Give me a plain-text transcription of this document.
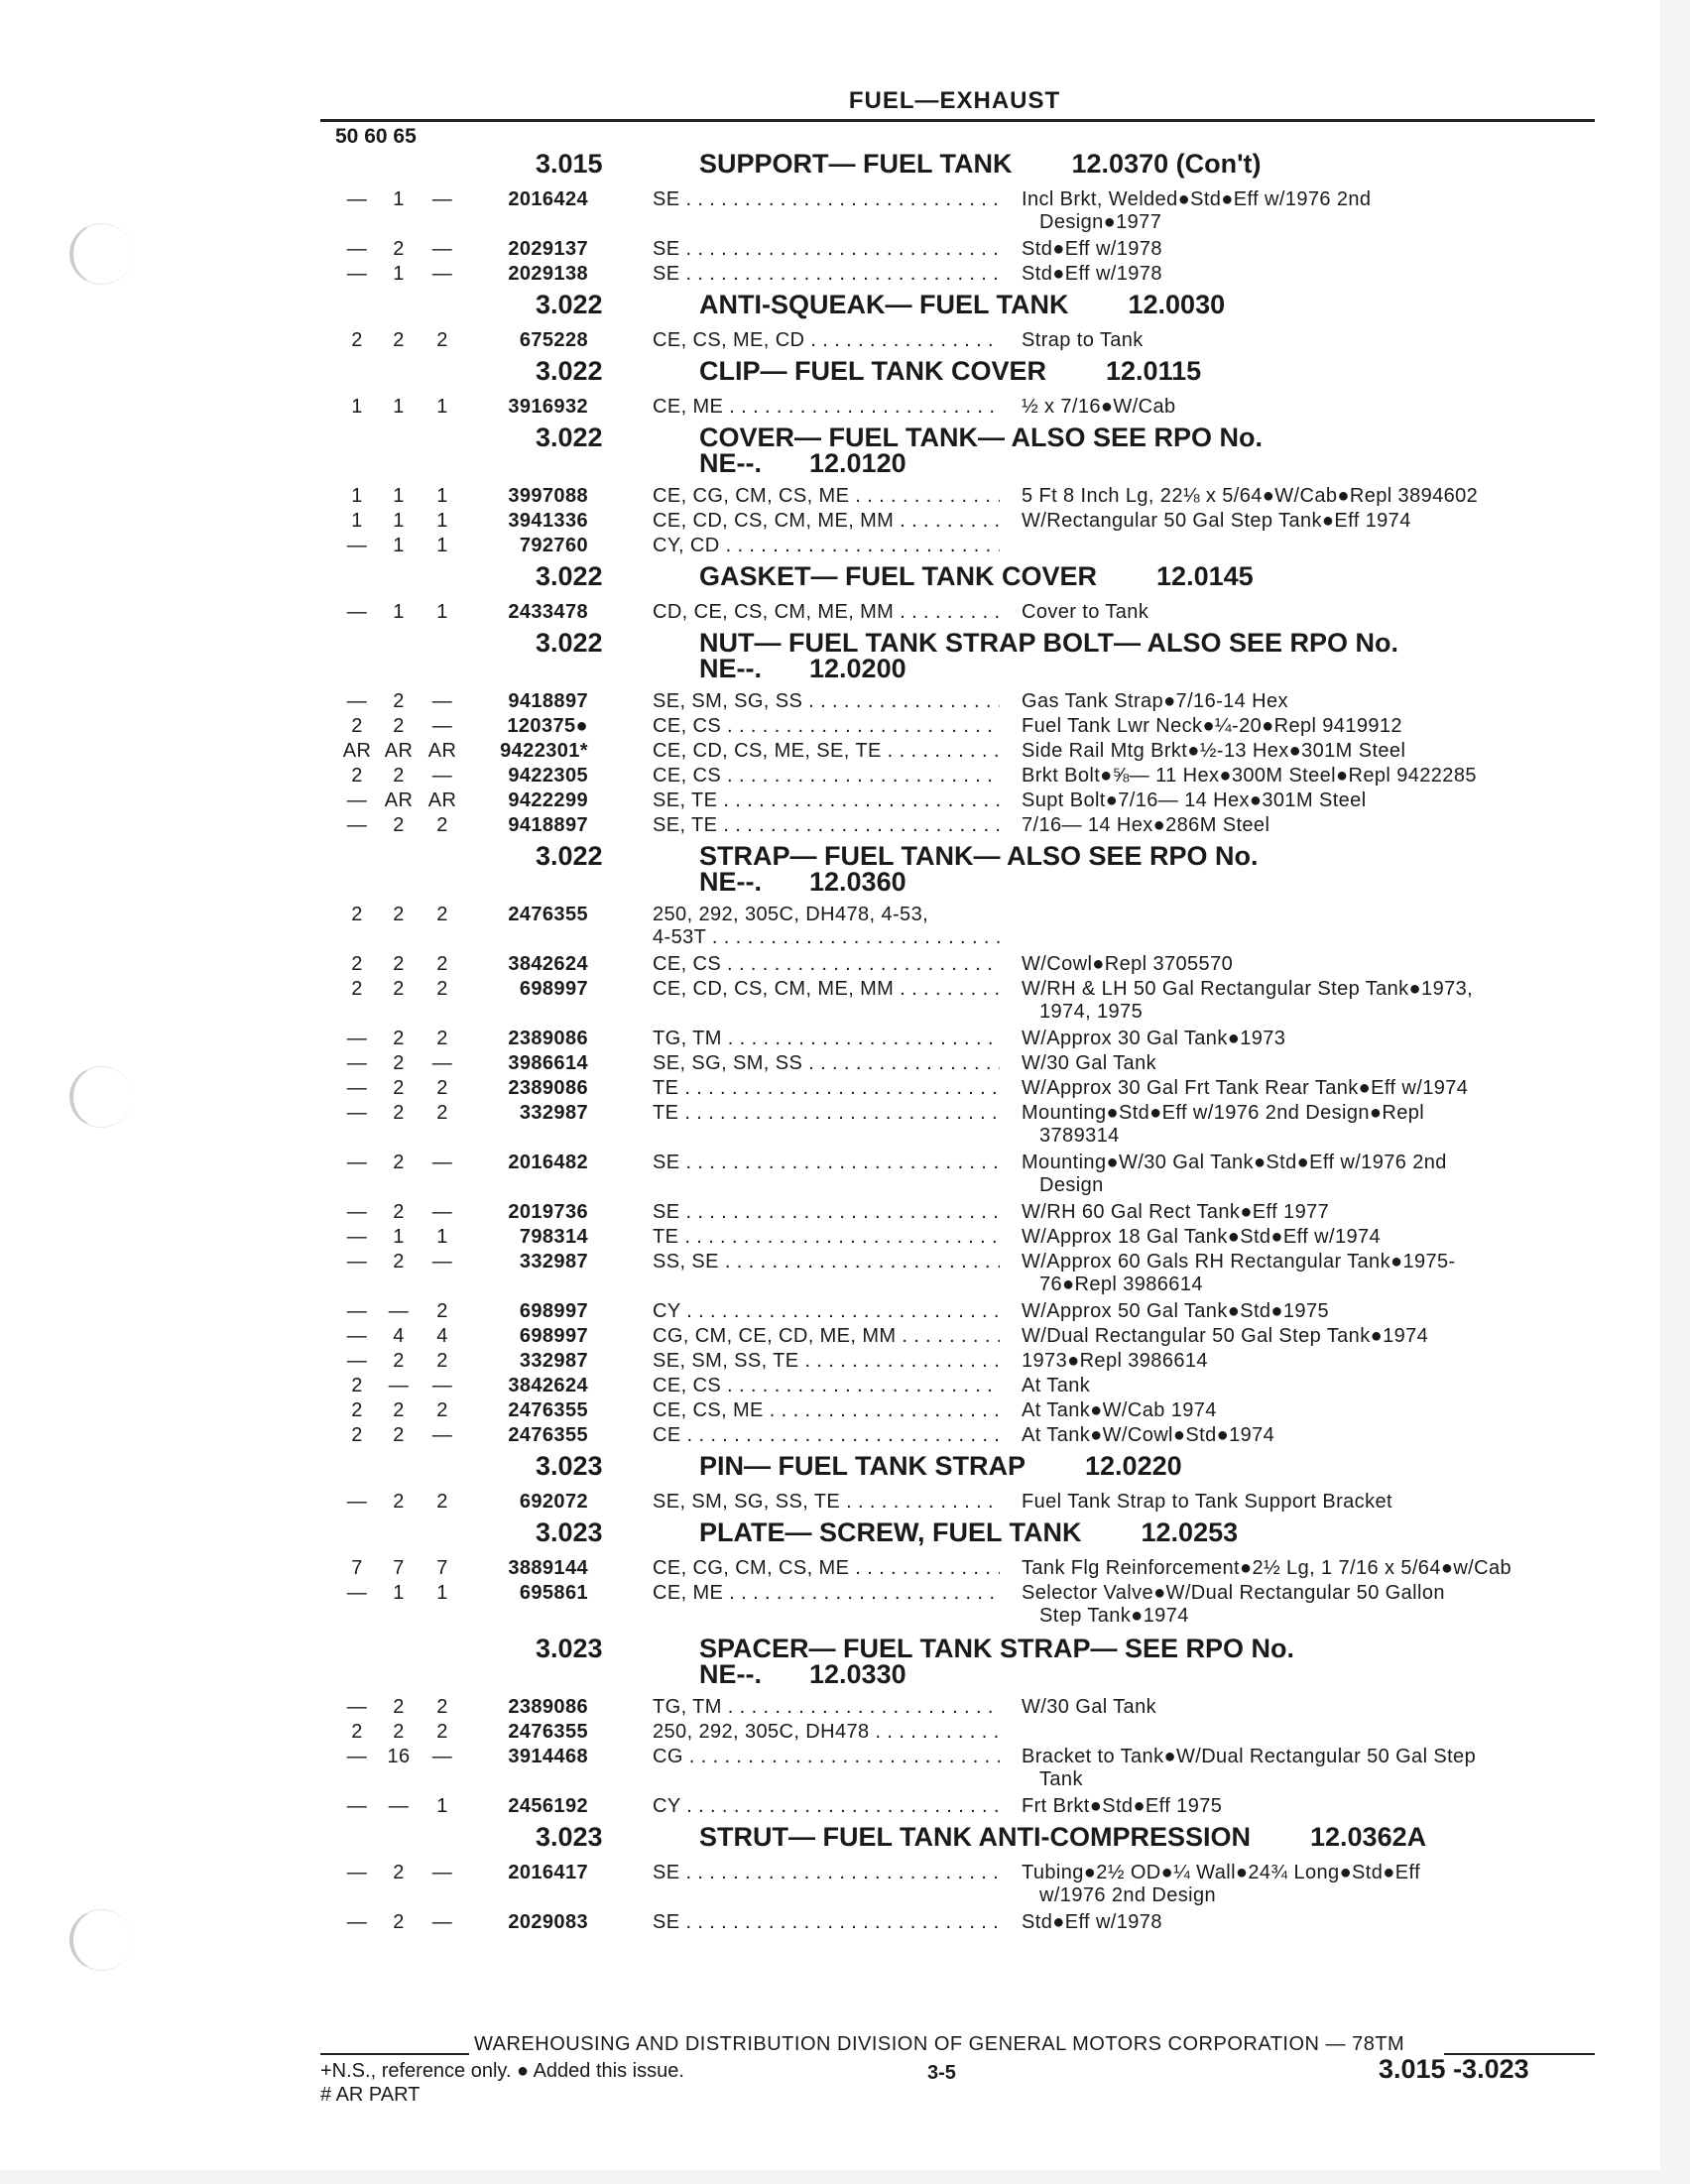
FUEL—EXHAUST
50 60 65
3.015	SUPPORT— FUEL TANK 12.0370 (Con't)
—	1	—	2016424	SE . . .	Incl Brkt, Welded●Std●Eff w/1976 2nd
Design●1977
—	2	—	2029137	SE . . .	Std●Eff w/1978
—	1	—	2029138	SE . . .	Std●Eff w/1978
3.022	ANTI-SQUEAK— FUEL TANK 12.0030
2	2	2	675228	CE, CS, ME, CD . . .	Strap to Tank
3.022	CLIP— FUEL TANK COVER 12.0115
1	1	1	3916932	CE, ME . . .	½ x 7/16●W/Cab
3.022	COVER— FUEL TANK— ALSO SEE RPO No.
NE--. 12.0120
1	1	1	3997088	CE, CG, CM, CS, ME . . .	5 Ft 8 Inch Lg, 22⅛ x 5/64●W/Cab●Repl 3894602
1	1	1	3941336	CE, CD, CS, CM, ME, MM . . .	W/Rectangular 50 Gal Step Tank●Eff 1974
—	1	1	792760	CY, CD . . .
3.022	GASKET— FUEL TANK COVER 12.0145
—	1	1	2433478	CD, CE, CS, CM, ME, MM . . .	Cover to Tank
3.022	NUT— FUEL TANK STRAP BOLT— ALSO SEE RPO No.
NE--. 12.0200
—	2	—	9418897	SE, SM, SG, SS . . .	Gas Tank Strap●7/16-14 Hex
2	2	—	120375●	CE, CS . . .	Fuel Tank Lwr Neck●¼-20●Repl 9419912
AR AR AR	9422301*	CE, CD, CS, ME, SE, TE . . .	Side Rail Mtg Brkt●½-13 Hex●301M Steel
2	2	—	9422305	CE, CS . . .	Brkt Bolt●⅝— 11 Hex●300M Steel●Repl 9422285
— AR AR	9422299	SE, TE . . .	Supt Bolt●7/16— 14 Hex●301M Steel
—	2	2	9418897	SE, TE . . .	7/16— 14 Hex●286M Steel
3.022	STRAP— FUEL TANK— ALSO SEE RPO No.
NE--. 12.0360
2	2	2	2476355	250, 292, 305C, DH478, 4-53,
4-53T . . .
2	2	2	3842624	CE, CS . . .	W/Cowl●Repl 3705570
2	2	2	698997	CE, CD, CS, CM, ME, MM . . .	W/RH & LH 50 Gal Rectangular Step Tank●1973,
1974, 1975
—	2	2	2389086	TG, TM . . .	W/Approx 30 Gal Tank●1973
—	2	—	3986614	SE, SG, SM, SS . . .	W/30 Gal Tank
—	2	2	2389086	TE . . .	W/Approx 30 Gal Frt Tank Rear Tank●Eff w/1974
—	2	2	332987	TE . . .	Mounting●Std●Eff w/1976 2nd Design●Repl
3789314
—	2	—	2016482	SE . . .	Mounting●W/30 Gal Tank●Std●Eff w/1976 2nd
Design
—	2	—	2019736	SE . . .	W/RH 60 Gal Rect Tank●Eff 1977
—	1	1	798314	TE . . .	W/Approx 18 Gal Tank●Std●Eff w/1974
—	2	—	332987	SS, SE . . .	W/Approx 60 Gals RH Rectangular Tank●1975-
76●Repl 3986614
—	—	2	698997	CY . . .	W/Approx 50 Gal Tank●Std●1975
—	4	4	698997	CG, CM, CE, CD, ME, MM . . .	W/Dual Rectangular 50 Gal Step Tank●1974
—	2	2	332987	SE, SM, SS, TE . . .	1973●Repl 3986614
2	—	—	3842624	CE, CS . . .	At Tank
2	2	2	2476355	CE, CS, ME . . .	At Tank●W/Cab 1974
2	2	—	2476355	CE . . .	At Tank●W/Cowl●Std●1974
3.023	PIN— FUEL TANK STRAP 12.0220
—	2	2	692072	SE, SM, SG, SS, TE . . .	Fuel Tank Strap to Tank Support Bracket
3.023	PLATE— SCREW, FUEL TANK 12.0253
7	7	7	3889144	CE, CG, CM, CS, ME . . .	Tank Flg Reinforcement●2½ Lg, 1 7/16 x 5/64●w/Cab
—	1	1	695861	CE, ME . . .	Selector Valve●W/Dual Rectangular 50 Gallon
Step Tank●1974
3.023	SPACER— FUEL TANK STRAP— SEE RPO No.
NE--. 12.0330
—	2	2	2389086	TG, TM . . .	W/30 Gal Tank
2	2	2	2476355	250, 292, 305C, DH478 . . .
—	16	—	3914468	CG . . .	Bracket to Tank●W/Dual Rectangular 50 Gal Step
Tank
—	—	1	2456192	CY . . .	Frt Brkt●Std●Eff 1975
3.023	STRUT— FUEL TANK ANTI-COMPRESSION 12.0362A
—	2	—	2016417	SE . . .	Tubing●2½ OD●¼ Wall●24¾ Long●Std●Eff
w/1976 2nd Design
—	2	—	2029083	SE . . .	Std●Eff w/1978
WAREHOUSING AND DISTRIBUTION DIVISION OF GENERAL MOTORS CORPORATION — 78TM
+N.S., reference only. ● Added this issue.
# AR PART
3-5	3.015 -3.023
